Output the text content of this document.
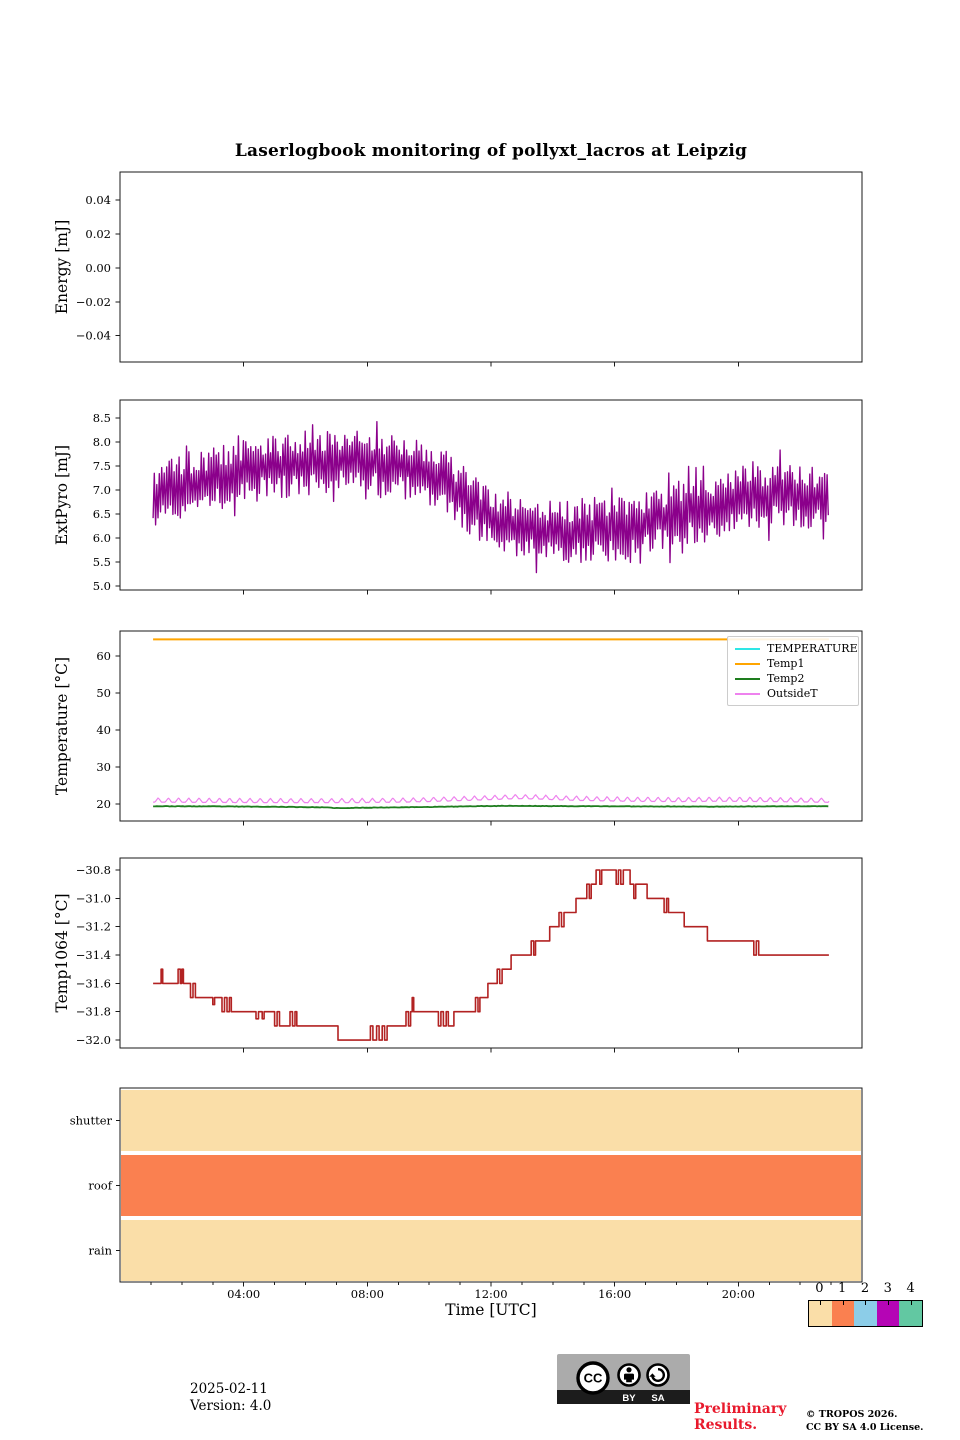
Laserlogbook monitoring of pollyxt_lacros at Leipzig
0.04
0.02
0.00
−0.02
−0.04
8.5
8.0
7.5
7.0
6.5
6.0
5.5
5.0
60
50
40
30
20
−30.8
−31.0
−31.2
−31.4
−31.6
−31.8
−32.0
shutter
roof
rain
04:00	08:00	12:00	16:00	20:00
Energy [mJ]
ExtPyro [mJ]
Temperature [°C]
Temp1064 [°C]
TEMPERATURE
Temp1
Temp2
OutsideT
Time [UTC]
0	1	2	3	4
2025-02-11
Version: 4.0
CC
BY SA
Preliminary Results.
© TROPOS 2026.
CC BY SA 4.0 License.
